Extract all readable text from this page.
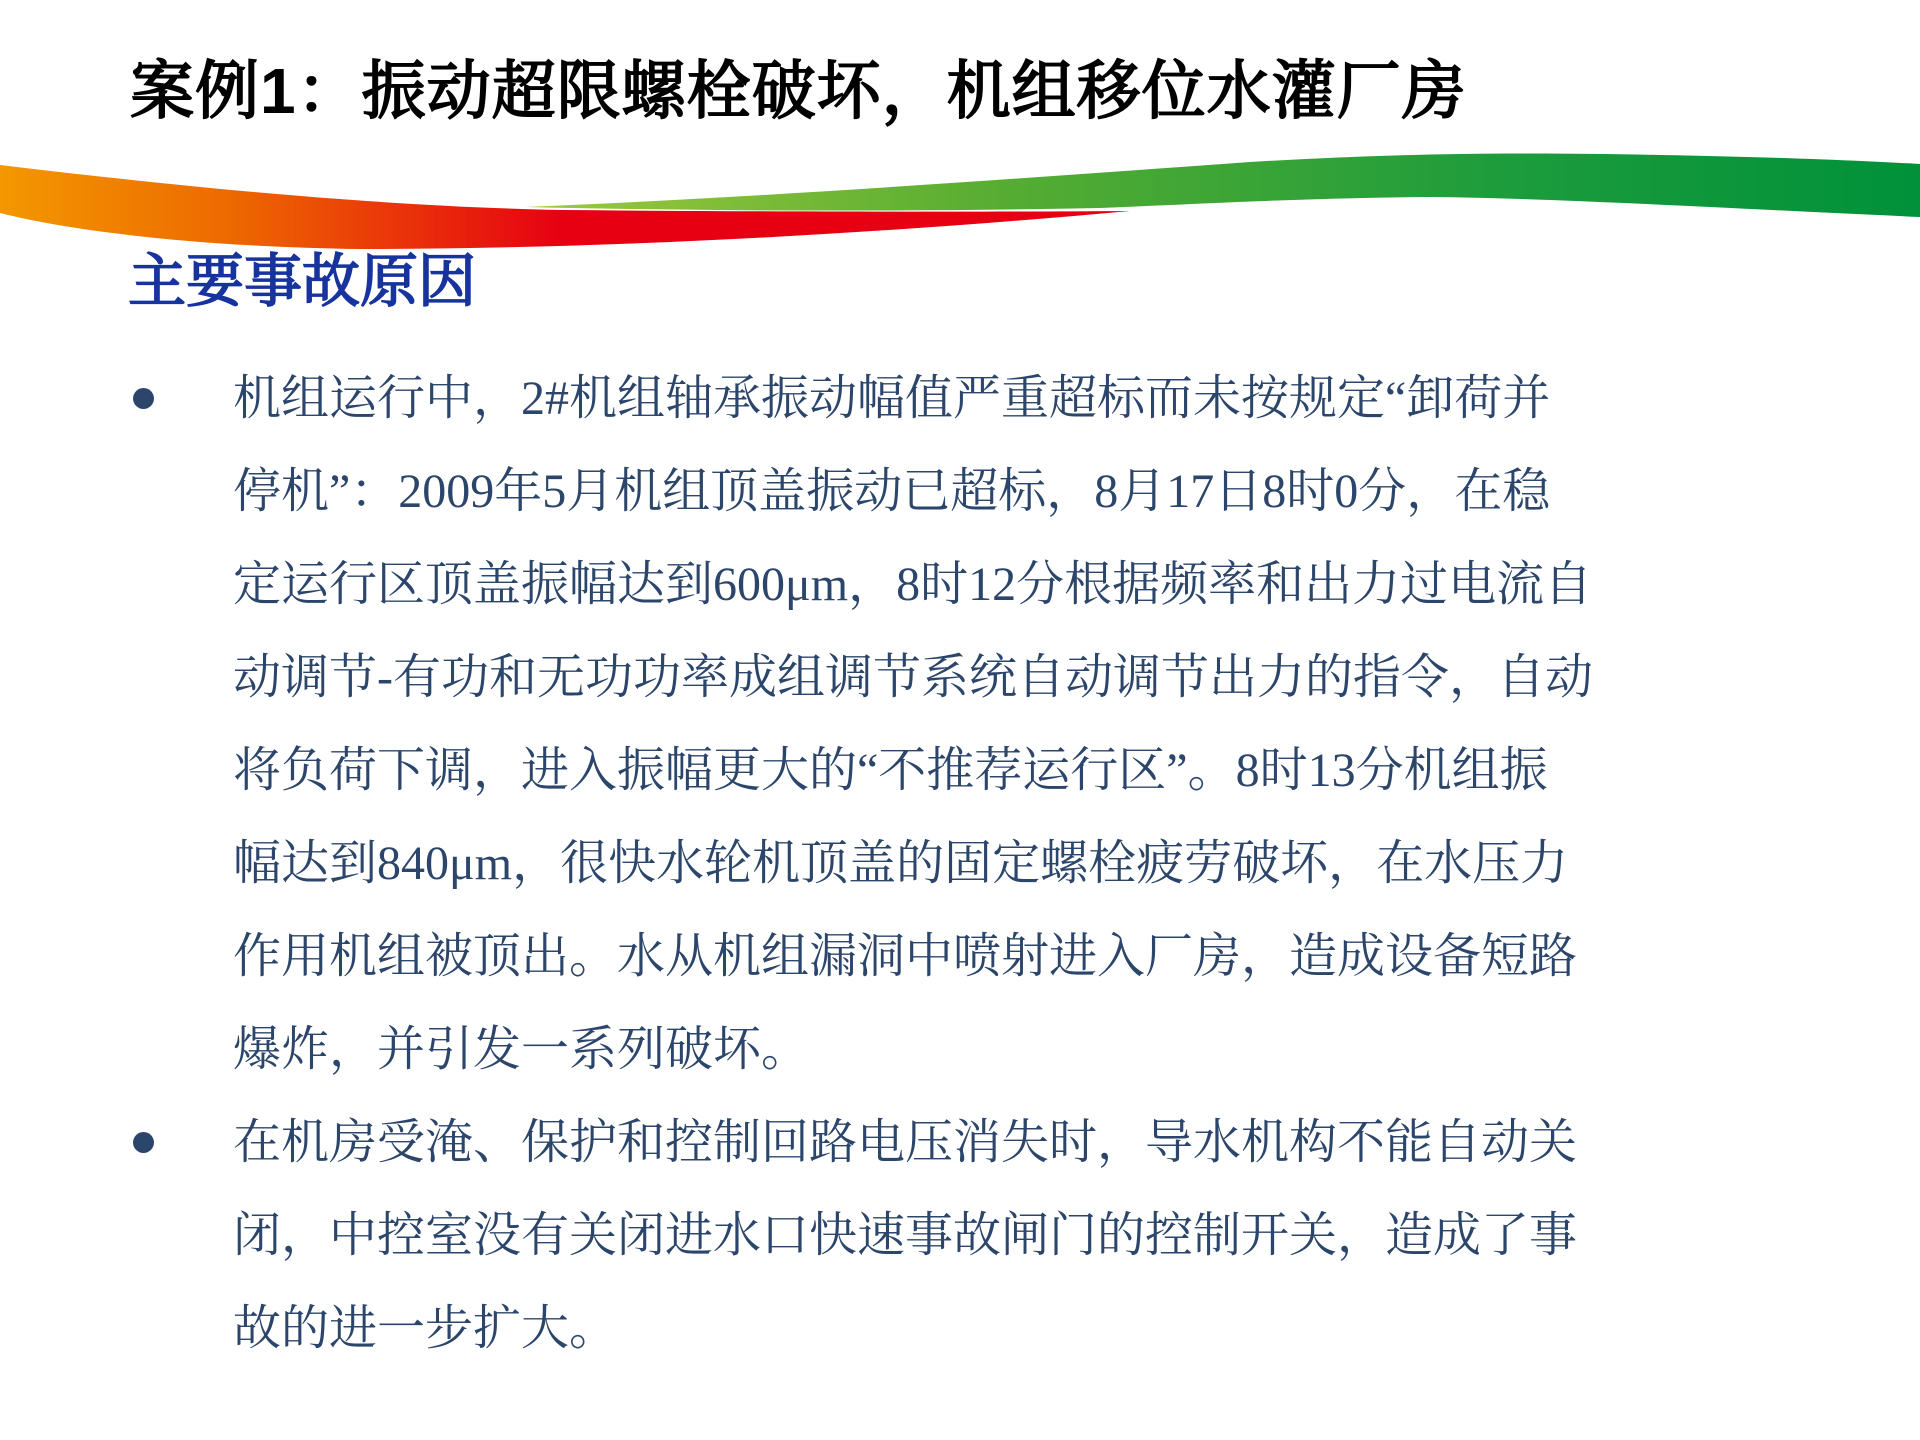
案例1：振动超限螺栓破坏，机组移位水灌厂房
主要事故原因
机组运行中，2#机组轴承振动幅值严重超标而未按规定“卸荷并
停机”：2009年5月机组顶盖振动已超标，8月17日8时0分，在稳
定运行区顶盖振幅达到600μm，8时12分根据频率和出力过电流自
动调节-有功和无功功率成组调节系统自动调节出力的指令，自动
将负荷下调，进入振幅更大的“不推荐运行区”。8时13分机组振
幅达到840μm，很快水轮机顶盖的固定螺栓疲劳破坏，在水压力
作用机组被顶出。水从机组漏洞中喷射进入厂房，造成设备短路
爆炸，并引发一系列破坏。
在机房受淹、保护和控制回路电压消失时，导水机构不能自动关
闭，中控室没有关闭进水口快速事故闸门的控制开关，造成了事
故的进一步扩大。
